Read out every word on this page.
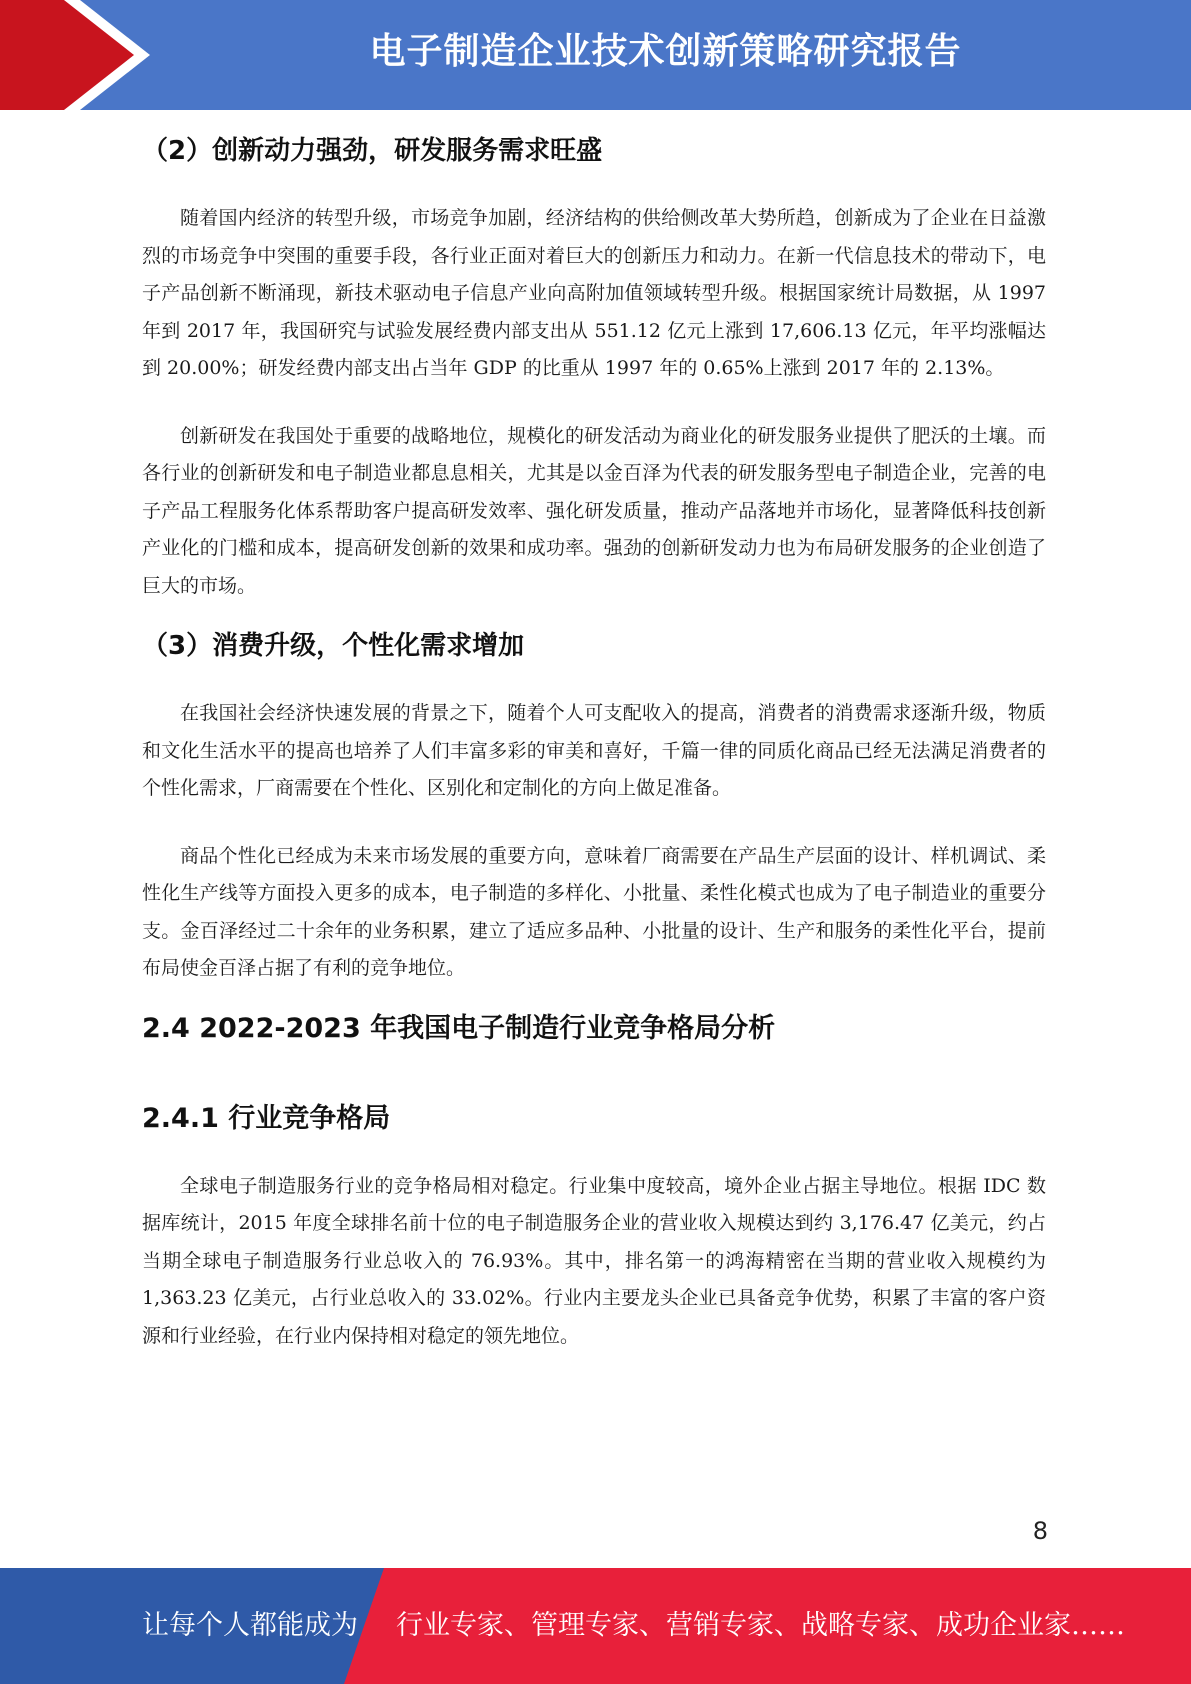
电子制造企业技术创新策略研究报告
（2）创新动力强劲，研发服务需求旺盛

随着国内经济的转型升级，市场竞争加剧，经济结构的供给侧改革大势所趋，创新成为了企业在日益激烈的市场竞争中突围的重要手段，各行业正面对着巨大的创新压力和动力。在新一代信息技术的带动下，电子产品创新不断涌现，新技术驱动电子信息产业向高附加值领域转型升级。根据国家统计局数据，从 1997 年到 2017 年，我国研究与试验发展经费内部支出从 551.12 亿元上涨到 17,606.13 亿元，年平均涨幅达到 20.00%；研发经费内部支出占当年 GDP 的比重从 1997 年的 0.65%上涨到 2017 年的 2.13%。

创新研发在我国处于重要的战略地位，规模化的研发活动为商业化的研发服务业提供了肥沃的土壤。而各行业的创新研发和电子制造业都息息相关，尤其是以金百泽为代表的研发服务型电子制造企业，完善的电子产品工程服务化体系帮助客户提高研发效率、强化研发质量，推动产品落地并市场化，显著降低科技创新产业化的门槛和成本，提高研发创新的效果和成功率。强劲的创新研发动力也为布局研发服务的企业创造了巨大的市场。

（3）消费升级，个性化需求增加

在我国社会经济快速发展的背景之下，随着个人可支配收入的提高，消费者的消费需求逐渐升级，物质和文化生活水平的提高也培养了人们丰富多彩的审美和喜好，千篇一律的同质化商品已经无法满足消费者的个性化需求，厂商需要在个性化、区别化和定制化的方向上做足准备。

商品个性化已经成为未来市场发展的重要方向，意味着厂商需要在产品生产层面的设计、样机调试、柔性化生产线等方面投入更多的成本，电子制造的多样化、小批量、柔性化模式也成为了电子制造业的重要分支。金百泽经过二十余年的业务积累，建立了适应多品种、小批量的设计、生产和服务的柔性化平台，提前布局使金百泽占据了有利的竞争地位。

2.4 2022-2023 年我国电子制造行业竞争格局分析
2.4.1 行业竞争格局

全球电子制造服务行业的竞争格局相对稳定。行业集中度较高，境外企业占据主导地位。根据 IDC 数据库统计，2015 年度全球排名前十位的电子制造服务企业的营业收入规模达到约 3,176.47 亿美元，约占当期全球电子制造服务行业总收入的 76.93%。其中，排名第一的鸿海精密在当期的营业收入规模约为 1,363.23 亿美元，占行业总收入的 33.02%。行业内主要龙头企业已具备竞争优势，积累了丰富的客户资源和行业经验，在行业内保持相对稳定的领先地位。

8
让每个人都能成为 行业专家、管理专家、营销专家、战略专家、成功企业家……
